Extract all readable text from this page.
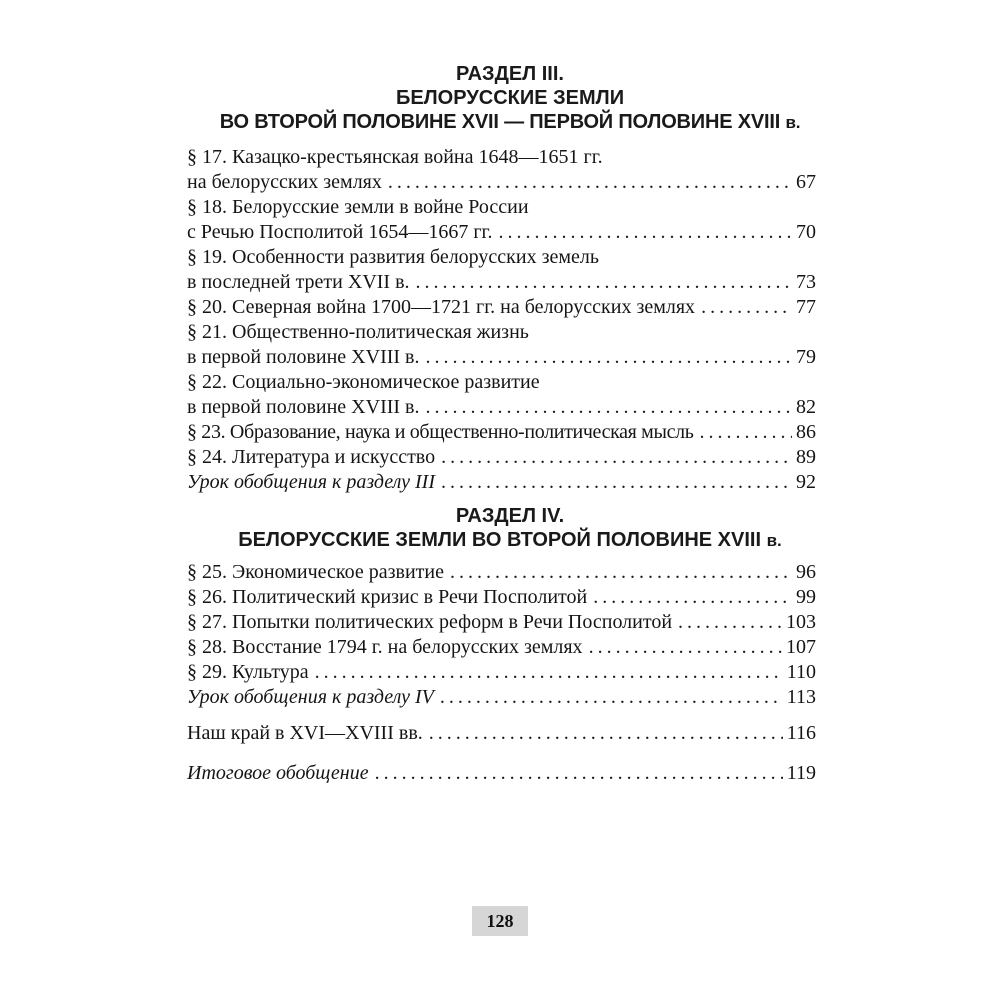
РАЗДЕЛ III.
БЕЛОРУССКИЕ ЗЕМЛИ
ВО ВТОРОЙ ПОЛОВИНЕ XVII — ПЕРВОЙ ПОЛОВИНЕ XVIII в.
§ 17. Казацко-крестьянская война 1648—1651 гг.
на белорусских землях . . .	67
§ 18. Белорусские земли в войне России
с Речью Посполитой 1654—1667 гг. . . .	70
§ 19. Особенности развития белорусских земель
в последней трети XVII в. . . .	73
§ 20. Северная война 1700—1721 гг. на белорусских землях . . .	77
§ 21. Общественно-политическая жизнь
в первой половине XVIII в. . . .	79
§ 22. Социально-экономическое развитие
в первой половине XVIII в. . . .	82
§ 23. Образование, наука и общественно-политическая мысль . . .	86
§ 24. Литература и искусство . . .	89
Урок обобщения к разделу III . . .	92
РАЗДЕЛ IV.
БЕЛОРУССКИЕ ЗЕМЛИ ВО ВТОРОЙ ПОЛОВИНЕ XVIII в.
§ 25. Экономическое развитие . . .	96
§ 26. Политический кризис в Речи Посполитой . . .	99
§ 27. Попытки политических реформ в Речи Посполитой . . .	103
§ 28. Восстание 1794 г. на белорусских землях . . .	107
§ 29. Культура . . .	110
Урок обобщения к разделу IV . . .	113
Наш край в XVI—XVIII вв. . . .	116
Итоговое обобщение . . .	119
128
